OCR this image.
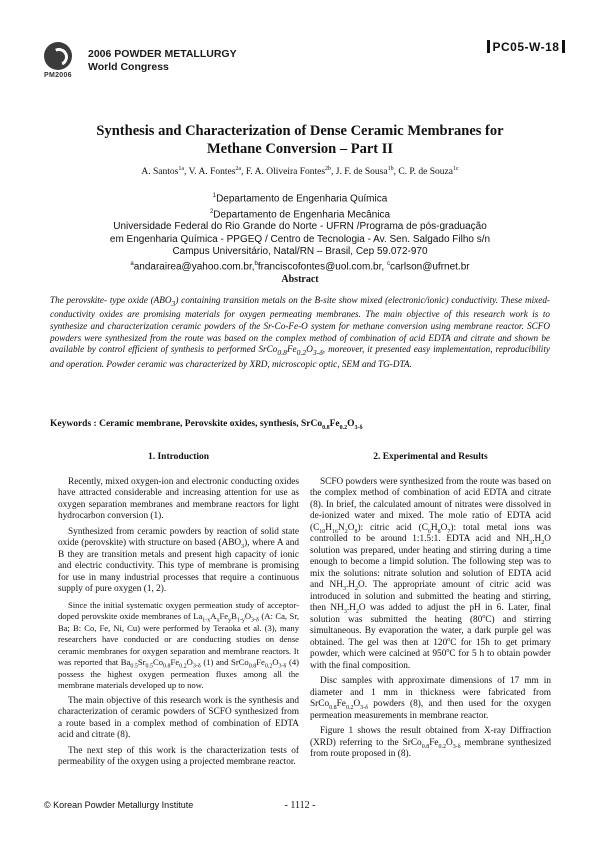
PM2006
2006 POWDER METALLURGY
World Congress
PC05-W-18
Synthesis and Characterization of Dense Ceramic Membranes for
Methane Conversion – Part II
A. Santos$^{1a}$, V. A. Fontes$^{2a}$, F. A. Oliveira Fontes$^{2b}$, J. F. de Sousa$^{1b}$, C. P. de Souza$^{1c}$
$^1$Departamento de Engenharia Química
$^2$Departamento de Engenharia Mecânica
Universidade Federal do Rio Grande do Norte - UFRN /Programa de pós-graduação
em Engenharia Química - PPGEQ / Centro de Tecnologia - Av. Sen. Salgado Filho s/n
Campus Universitário, Natal/RN – Brasil, Cep 59.072-970
$^a$andarairea@yahoo.com.br,$^b$franciscofontes@uol.com.br, $^c$carlson@ufrnet.br
Abstract
The perovskite- type oxide $(ABO_3)$ containing transition metals on the B-site show mixed (electronic/ionic) conductivity. These mixed-conductivity oxides are promising materials for oxygen permeating membranes. The main objective of this research work is to synthesize and characterization ceramic powders of the Sr-Co-Fe-O system for methane conversion using membrane reactor. SCFO powders were synthesized from the route was based on the complex method of combination of acid EDTA and citrate and shown be available by control efficient of synthesis to performed $SrCo_{0.8}Fe_{0.2}O_{3-\delta}$, moreover, it presented easy implementation, reproducibility and operation. Powder ceramic was characterized by XRD, microscopic optic, SEM and TG-DTA.
Keywords : Ceramic membrane, Perovskite oxides, synthesis, $SrCo_{0.8}Fe_{0.2}O_{3-\delta}$
1. Introduction

Recently, mixed oxygen-ion and electronic conducting oxides have attracted considerable and increasing attention for use as oxygen separation membranes and membrane reactors for light hydrocarbon conversion (1).

Synthesized from ceramic powders by reaction of solid state oxide (perovskite) with structure on based $(ABO_3)$, where A and B they are transition metals and present high capacity of ionic and electric conductivity. This type of membrane is promising for use in many industrial processes that require a continuous supply of pure oxygen (1, 2).

Since the initial systematic oxygen permeation study of acceptor-doped perovskite oxide membranes of $La_{1-x}A_xFe_yB_{1-y}O_{3-\delta}$ (A: Ca, Sr, Ba; B: Co, Fe, Ni, Cu) were performed by Teraoka et al. (3), many researchers have conducted or are conducting studies on dense ceramic membranes for oxygen separation and membrane reactors. It was reported that $Ba_{0.5}Sr_{0.5}Co_{0.8}Fe_{0.2}O_{3-\delta}$ (1) and $SrCo_{0.8}Fe_{0.2}O_{3-\delta}$ (4) possess the highest oxygen permeation fluxes among all the membrane materials developed up to now.

The main objective of this research work is the synthesis and characterization of ceramic powders of SCFO synthesized from a route based in a complex method of combination of EDTA acid and citrate (8).

The next step of this work is the characterization tests of permeability of the oxygen using a projected membrane reactor.

2. Experimental and Results

SCFO powders were synthesized from the route was based on the complex method of combination of acid EDTA and citrate (8). In brief, the calculated amount of nitrates were dissolved in de-ionized water and mixed. The mole ratio of EDTA acid $(C_{10}H_{16}N_2O_8)$: citric acid $(C_6H_8O_7)$: total metal ions was controlled to be around 1:1.5:1. EDTA acid and $NH_3.H_2O$ solution was prepared, under heating and stirring during a time enough to become a limpid solution. The following step was to mix the solutions: nitrate solution and solution of EDTA acid and $NH_3.H_2O$. The appropriate amount of citric acid was introduced in solution and submitted the heating and stirring, then $NH_3.H_2O$ was added to adjust the pH in 6. Later, final solution was submitted the heating (80$^o$C) and stirring simultaneous. By evaporation the water, a dark purple gel was obtained. The gel was then at 120$^o$C for 15h to get primary powder, which were calcined at 950$^o$C for 5 h to obtain powder with the final composition.

Disc samples with approximate dimensions of 17 mm in diameter and 1 mm in thickness were fabricated from $SrCo_{0.8}Fe_{0.2}O_{3-\delta}$ powders (8), and then used for the oxygen permeation measurements in membrane reactor.

Figure 1 shows the result obtained from X-ray Diffraction (XRD) referring to the $SrCo_{0.8}Fe_{0.2}O_{3-\delta}$ membrane synthesized from route proposed in (8).

© Korean Powder Metallurgy Institute	- 1112 -
